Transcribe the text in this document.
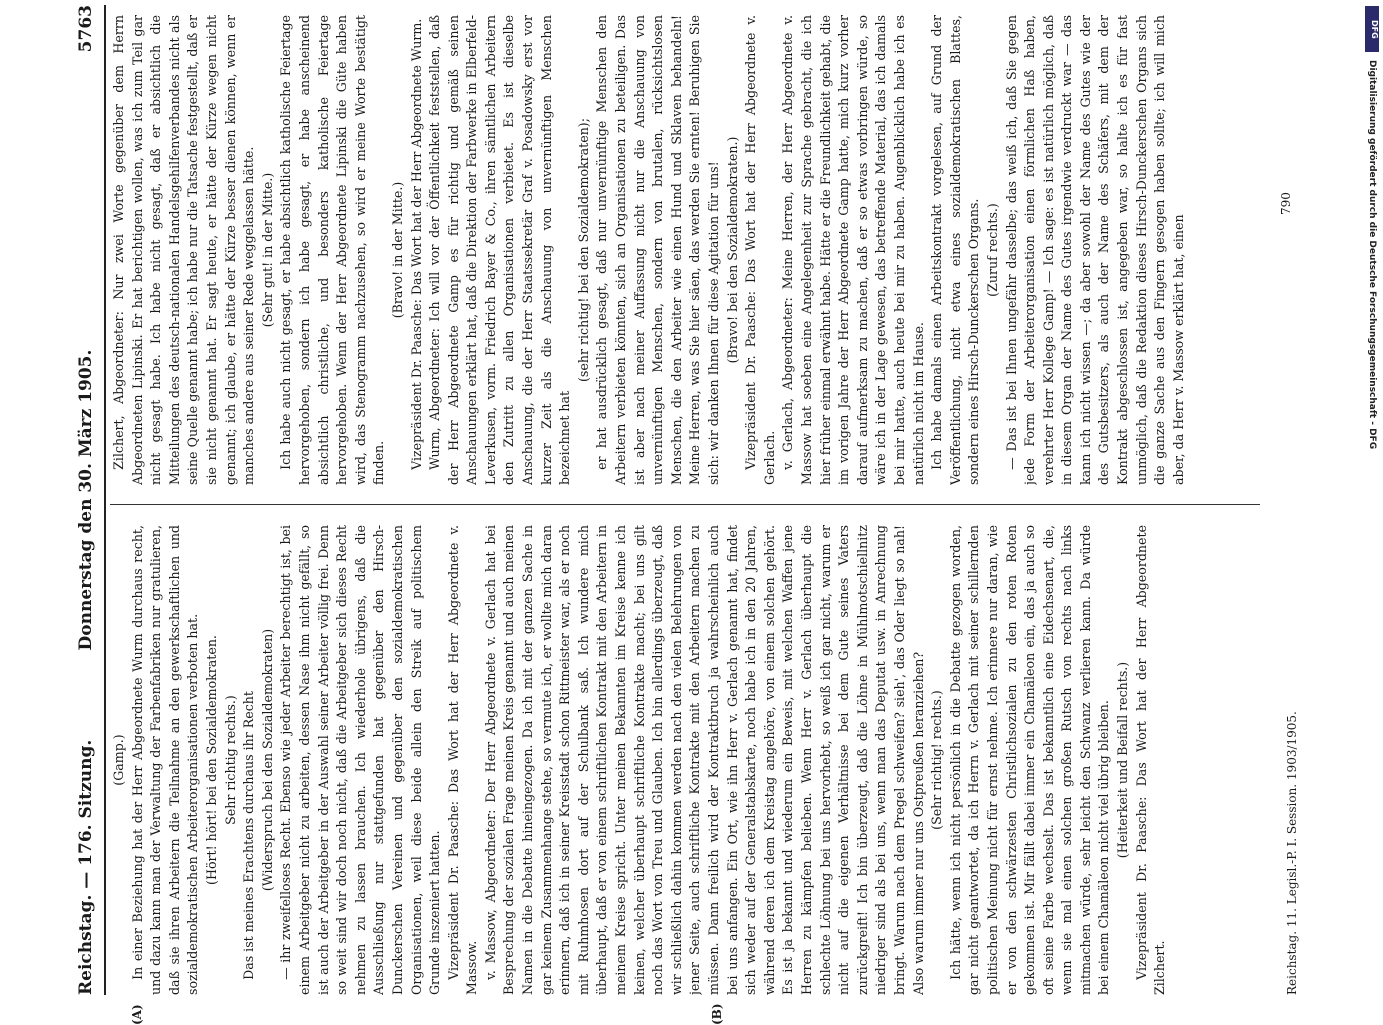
Reichstag. — 176. Sitzung.
Donnerstag den 30. März 1905.
5763
(A)	(B)

(Gamp.) In einer Beziehung hat der Herr Abgeordnete Wurm durchaus recht, und dazu kann man der Verwaltung der Farbenfabriken nur gratulieren, daß sie ihren Arbeitern die Teilnahme an den gewerkschaftlichen und sozialdemokratischen Arbeiterorganisationen verboten hat. (Hört! hört! bei den Sozialdemokraten. Sehr richtig rechts.) Das ist meines Erachtens durchaus ihr Recht (Widerspruch bei den Sozialdemokraten) — ihr zweifelloses Recht. Ebenso wie jeder Arbeiter berechtigt ist, bei einem Arbeitgeber nicht zu arbeiten, dessen Nase ihm nicht gefällt, so ist auch der Arbeitgeber in der Auswahl seiner Arbeiter völlig frei. Denn so weit sind wir doch noch nicht, daß die Arbeitgeber sich dieses Recht nehmen zu lassen brauchen. Ich wiederhole übrigens, daß die Ausschließung nur stattgefunden hat gegenüber den Hirsch-Dunckerschen Vereinen und gegenüber den sozialdemokratischen Organisationen, weil diese beide allein den Streik auf politischem Grunde inszeniert hatten. Vizepräsident Dr. Paasche: Das Wort hat der Herr Abgeordnete v. Massow. v. Massow, Abgeordneter: Der Herr Abgeordnete v. Gerlach hat bei Besprechung der sozialen Frage meinen Kreis genannt und auch meinen Namen in die Debatte hineingezogen. Da ich mit der ganzen Sache in gar keinem Zusammenhange stehe, so vermute ich, er wollte mich daran erinnern, daß ich in seiner Kreisstadt schon Rittmeister war, als er noch mit Ruhmhosen dort auf der Schulbank saß. Ich wundere mich überhaupt, daß er von einem schriftlichen Kontrakt mit den Arbeitern in meinem Kreise spricht. Unter meinen Bekannten im Kreise kenne ich keinen, welcher überhaupt schriftliche Kontrakte macht; bei uns gilt noch das Wort von Treu und Glauben. Ich bin allerdings überzeugt, daß wir schließlich dahin kommen werden nach den vielen Belehrungen von jener Seite, auch schriftliche Kontrakte mit den Arbeitern machen zu müssen. Dann freilich wird der Kontraktbruch ja wahrscheinlich auch bei uns anfangen. Ein Ort, wie ihn Herr v. Gerlach genannt hat, findet sich weder auf der Generalstabskarte, noch habe ich in den 20 Jahren, während deren ich dem Kreistag angehöre, von einem solchen gehört. Es ist ja bekannt und wiederum ein Beweis, mit welchen Waffen jene Herren zu kämpfen belieben. Wenn Herr v. Gerlach überhaupt die schlechte Löhnung bei uns hervorhebt, so weiß ich gar nicht, warum er nicht auf die eigenen Verhältnisse bei dem Gute seines Vaters zurückgreift! Ich bin überzeugt, daß die Löhne in Mühlmotschiellnitz niedriger sind als bei uns, wenn man das Deputat usw. in Anrechnung bringt. Warum nach dem Pregel schweifen? sieh', das Oder liegt so nah! Also warum immer nur uns Ostpreußen heranziehen? (Sehr richtig! rechts.) Ich hätte, wenn ich nicht persönlich in die Debatte gezogen worden, gar nicht geantwortet, da ich Herrn v. Gerlach mit seiner schillernden politischen Meinung nicht für ernst nehme. Ich erinnere nur daran, wie er von den schwärzesten Christlichsozialen zu den roten Roten gekommen ist. Mir fällt dabei immer ein Chamäleon ein, das ja auch so oft seine Farbe wechselt. Das ist bekanntlich eine Eidechsenart, die, wenn sie mal einen solchen großen Rutsch von rechts nach links mitmachen würde, sehr leicht den Schwanz verlieren kann. Da würde bei einem Chamäleon nicht viel übrig bleiben. (Heiterkeit und Beifall rechts.) Vizepräsident Dr. Paasche: Das Wort hat der Herr Abgeordnete Zilchert.

Zilchert, Abgeordneter: Nur zwei Worte gegenüber dem Herrn Abgeordneten Lipinski. Er hat berichtigen wollen, was ich zum Teil gar nicht gesagt habe. Ich habe nicht gesagt, daß er absichtlich die Mitteilungen des deutsch-nationalen Handelsgehilfenverbandes nicht als seine Quelle genannt habe; ich habe nur die Tatsache festgestellt, daß er sie nicht genannt hat. Er sagt heute, er hätte der Kürze wegen nicht genannt; ich glaube, er hätte der Kürze besser dienen können, wenn er manches andere aus seiner Rede weggelassen hätte. (Sehr gut! in der Mitte.) Ich habe auch nicht gesagt, er habe absichtlich katholische Feiertage hervorgehoben, sondern ich habe gesagt, er habe anscheinend absichtlich christliche, und besonders katholische Feiertage hervorgehoben. Wenn der Herr Abgeordnete Lipinski die Güte haben wird, das Stenogramm nachzusehen, so wird er meine Worte bestätigt finden.

(Bravo! in der Mitte.) Vizepräsident Dr. Paasche: Das Wort hat der Herr Abgeordnete Wurm. Wurm, Abgeordneter: Ich will vor der Öffentlichkeit feststellen, daß der Herr Abgeordnete Gamp es für richtig und gemäß seinen Anschauungen erklärt hat, daß die Direktion der Farbwerke in Elberfeld-Leverkusen, vorm. Friedrich Bayer & Co., ihren sämtlichen Arbeitern den Zutritt zu allen Organisationen verbietet. Es ist dieselbe Anschauung, die der Herr Staatssekretär Graf v. Posadowsky erst vor kurzer Zeit als die Anschauung von unvernünftigen Menschen bezeichnet hat

(sehr richtig! bei den Sozialdemokraten); er hat ausdrücklich gesagt, daß nur unvernünftige Menschen den Arbeitern verbieten könnten, sich an Organisationen zu beteiligen. Das ist aber nach meiner Auffassung nicht nur die Anschauung von unvernünftigen Menschen, sondern von brutalen, rücksichtslosen Menschen, die den Arbeiter wie einen Hund und Sklaven behandeln! Meine Herren, was Sie hier säen, das werden Sie ernten! Beruhigen Sie sich: wir danken Ihnen für diese Agitation für uns! (Bravo! bei den Sozialdemokraten.) Vizepräsident Dr. Paasche: Das Wort hat der Herr Abgeordnete v. Gerlach. v. Gerlach, Abgeordneter: Meine Herren, der Herr Abgeordnete v. Massow hat soeben eine Angelegenheit zur Sprache gebracht, die ich hier früher einmal erwähnt habe. Hätte er die Freundlichkeit gehabt, die im vorigen Jahre der Herr Abgeordnete Gamp hatte, mich kurz vorher darauf aufmerksam zu machen, daß er so etwas vorbringen würde, so wäre ich in der Lage gewesen, das betreffende Material, das ich damals bei mir hatte, auch heute bei mir zu haben. Augenblicklich habe ich es natürlich nicht im Hause. Ich habe damals einen Arbeitskontrakt vorgelesen, auf Grund der Veröffentlichung, nicht etwa eines sozialdemokratischen Blattes, sondern eines Hirsch-Dunckerschen Organs. (Zuruf rechts.) — Das ist bei Ihnen ungefähr dasselbe; das weiß ich, daß Sie gegen jede Form der Arbeiterorganisation einen förmlichen Haß haben, verehrter Herr Kollege Gamp! — Ich sage: es ist natürlich möglich, daß in diesem Organ der Name des Gutes irgendwie verdruckt war — das kann ich nicht wissen —; da aber sowohl der Name des Gutes wie der des Gutsbesitzers, als auch der Name des Schäfers, mit dem der Kontrakt abgeschlossen ist, angegeben war, so halte ich es für fast unmöglich, daß die Redaktion dieses Hirsch-Dunckerschen Organs sich die ganze Sache aus den Fingern gesogen haben sollte; ich will mich aber, da Herr v. Massow erklärt hat, einen

Reichstag. 11. Legisl.-P. I. Session. 1903/1905.
790
DFG
Digitalisierung gefördert durch die Deutsche Forschungsgemeinschaft - DFG
